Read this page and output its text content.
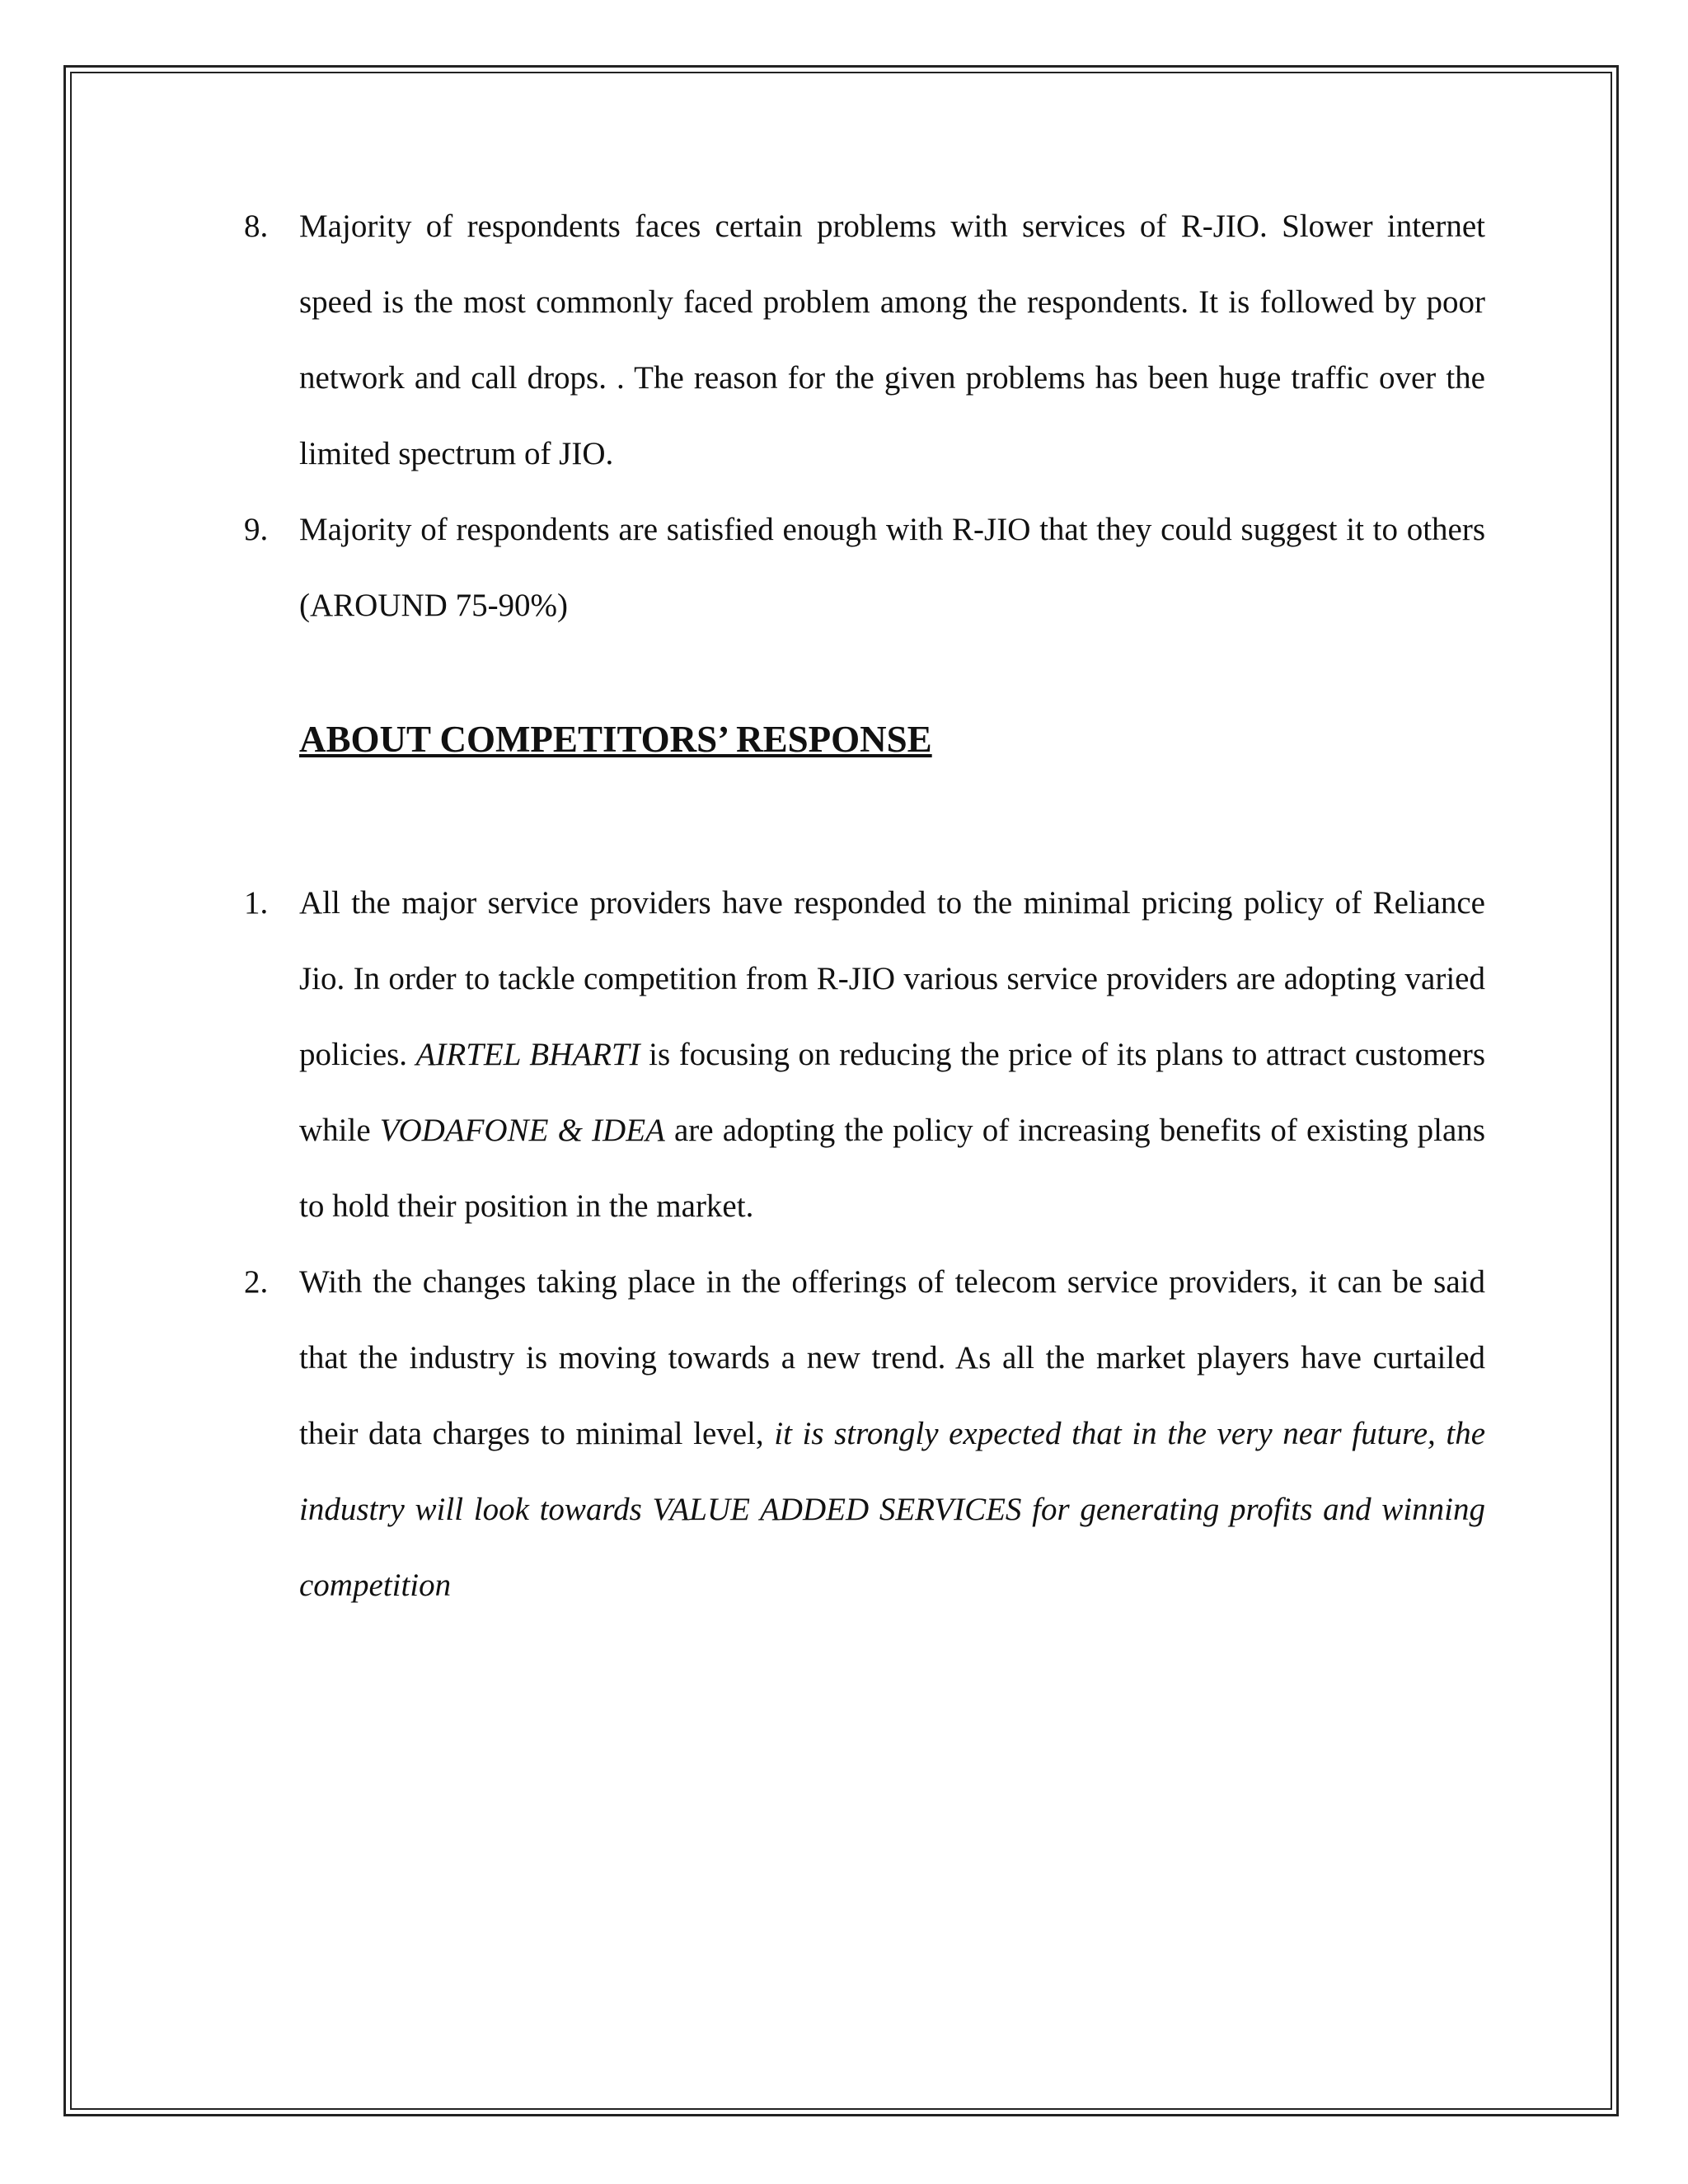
8. Majority of respondents faces certain problems with services of R-JIO. Slower internet speed is the most commonly faced problem among the respondents. It is followed by poor network and call drops. . The reason for the given problems has been huge traffic over the limited spectrum of JIO.
9. Majority of respondents are satisfied enough with R-JIO that they could suggest it to others (AROUND 75-90%)
ABOUT COMPETITORS’ RESPONSE
1. All the major service providers have responded to the minimal pricing policy of Reliance Jio. In order to tackle competition from R-JIO various service providers are adopting varied policies. AIRTEL BHARTI is focusing on reducing the price of its plans to attract customers while VODAFONE & IDEA are adopting the policy of increasing benefits of existing plans to hold their position in the market.
2. With the changes taking place in the offerings of telecom service providers, it can be said that the industry is moving towards a new trend. As all the market players have curtailed their data charges to minimal level, it is strongly expected that in the very near future, the industry will look towards VALUE ADDED SERVICES for generating profits and winning competition
